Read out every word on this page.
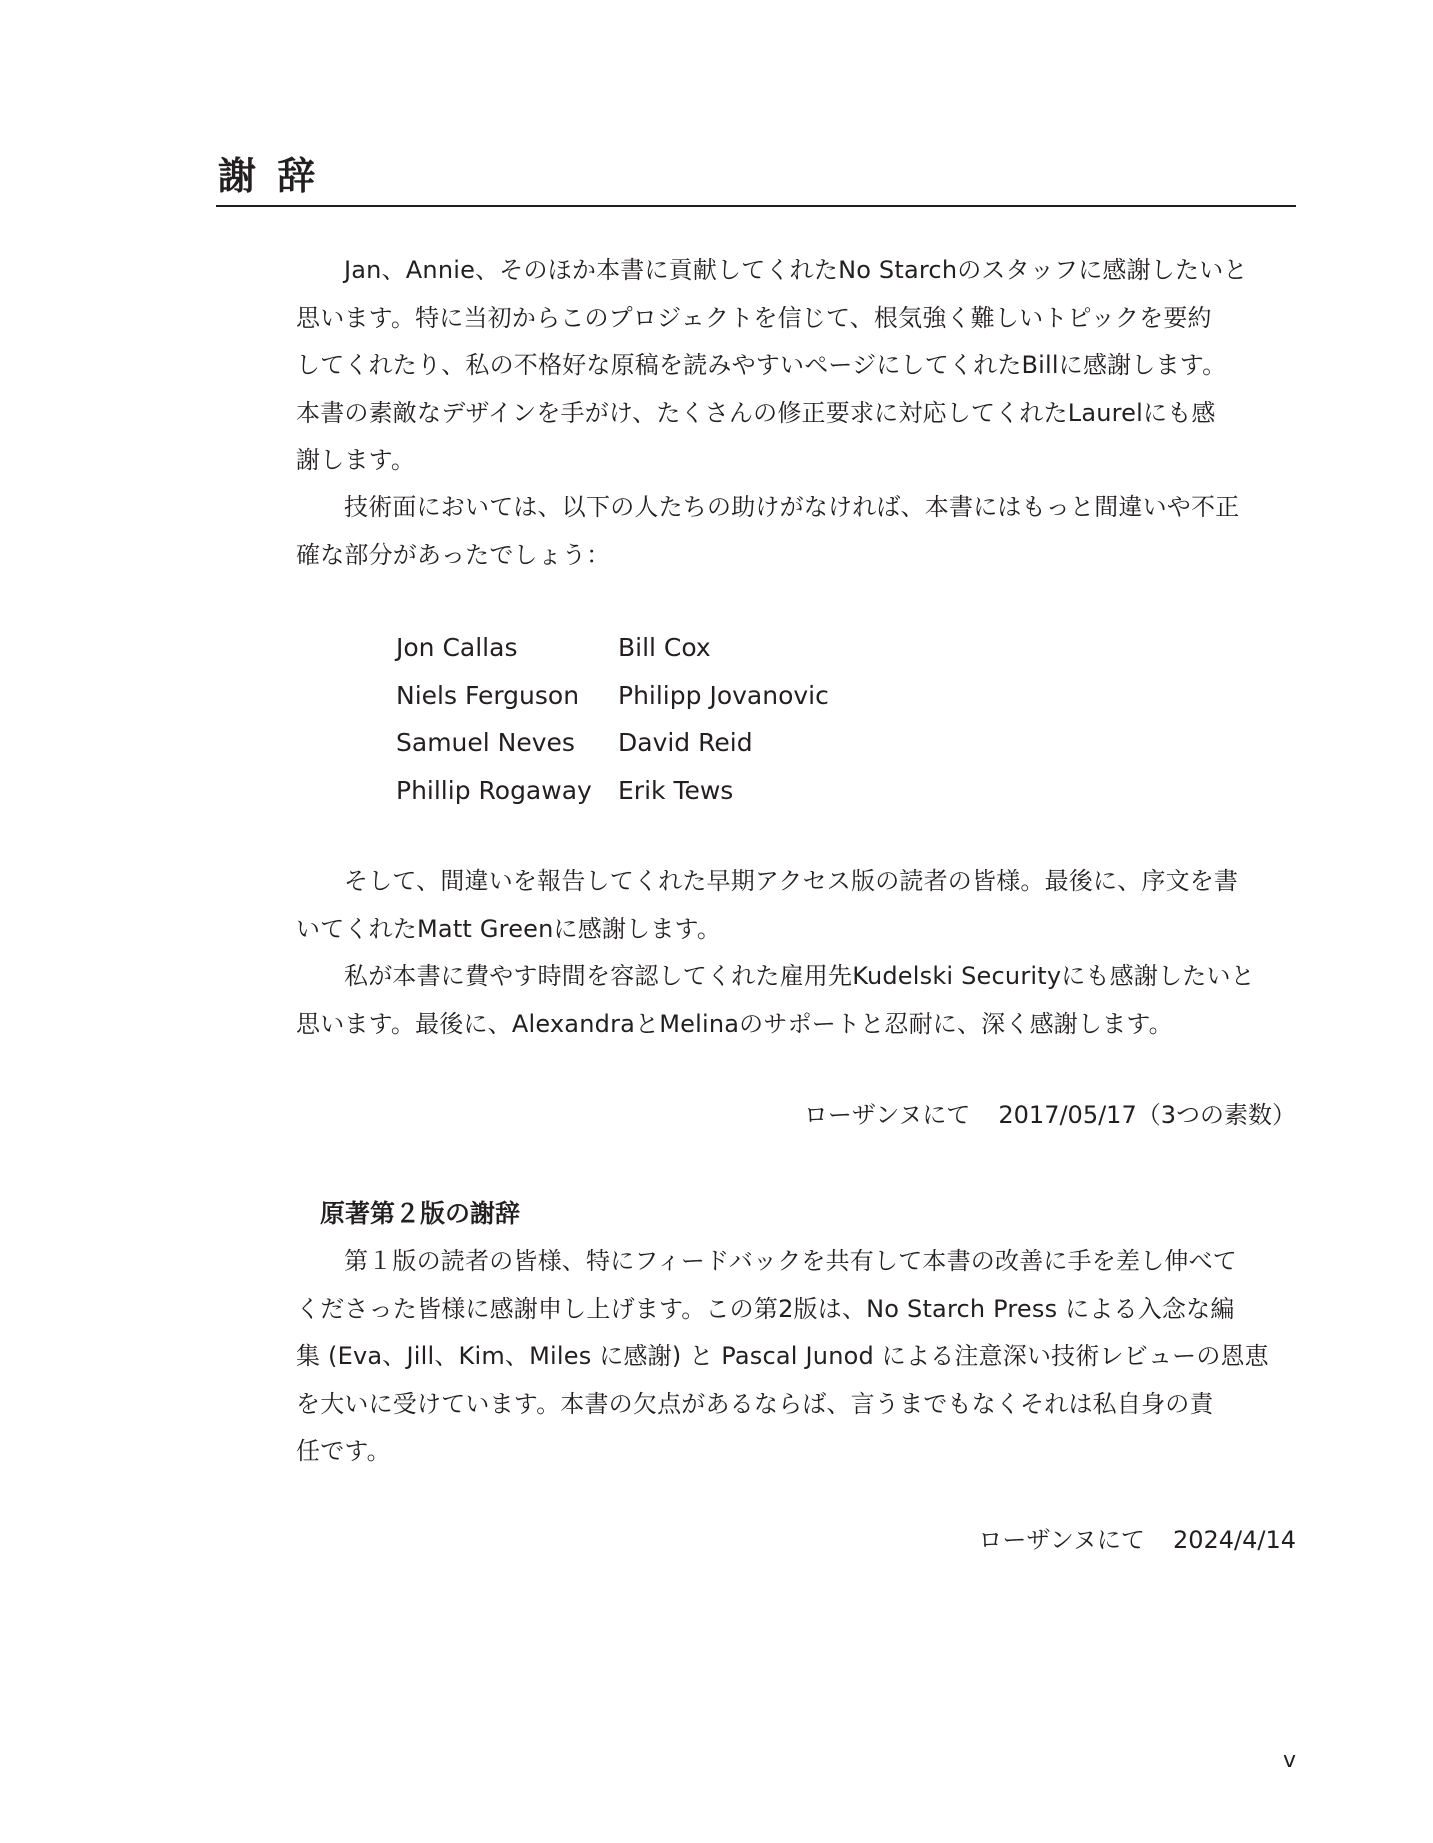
謝 辞

Jan、Annie、そのほか本書に貢献してくれたNo Starchのスタッフに感謝したいと
思います。特に当初からこのプロジェクトを信じて、根気強く難しいトピックを要約
してくれたり、私の不格好な原稿を読みやすいページにしてくれたBillに感謝します。
本書の素敵なデザインを手がけ、たくさんの修正要求に対応してくれたLaurelにも感
謝します。

技術面においては、以下の人たちの助けがなければ、本書にはもっと間違いや不正
確な部分があったでしょう：

Jon Callas	Bill Cox
Niels Ferguson	Philipp Jovanovic
Samuel Neves	David Reid
Phillip Rogaway	Erik Tews

そして、間違いを報告してくれた早期アクセス版の読者の皆様。最後に、序文を書
いてくれたMatt Greenに感謝します。

私が本書に費やす時間を容認してくれた雇用先Kudelski Securityにも感謝したいと
思います。最後に、AlexandraとMelinaのサポートと忍耐に、深く感謝します。

ローザンヌにて 2017/05/17（3つの素数）
原著第２版の謝辞

第１版の読者の皆様、特にフィードバックを共有して本書の改善に手を差し伸べて
くださった皆様に感謝申し上げます。この第2版は、No Starch Press による入念な編
集 (Eva、Jill、Kim、Miles に感謝) と Pascal Junod による注意深い技術レビューの恩恵
を大いに受けています。本書の欠点があるならば、言うまでもなくそれは私自身の責
任です。

ローザンヌにて 2024/4/14
v
